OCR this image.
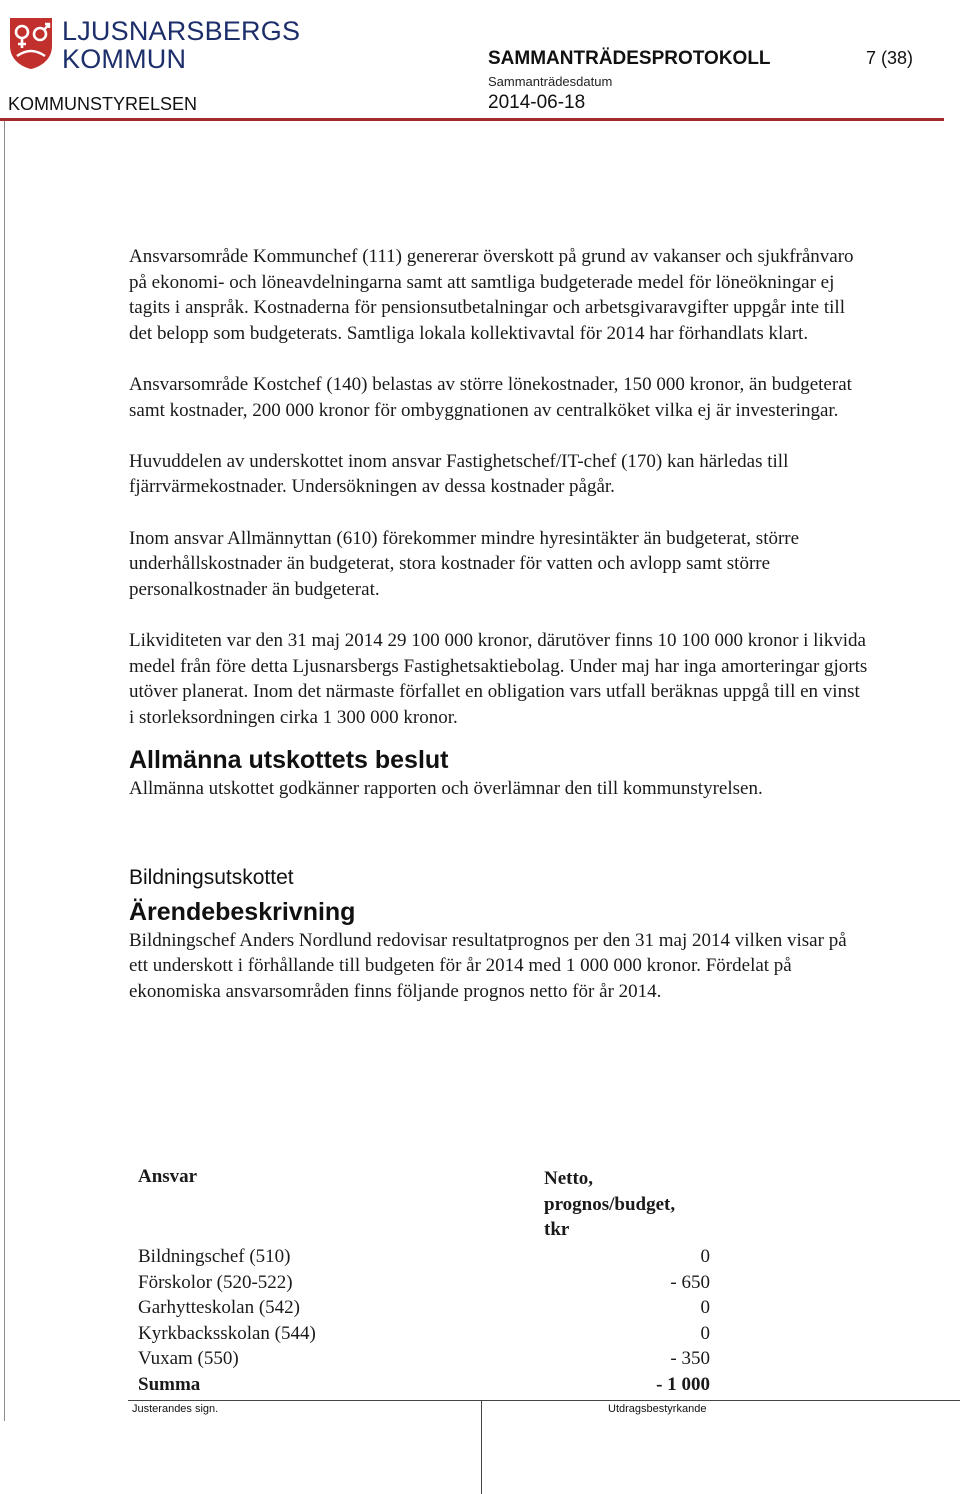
LJUSNARSBERGS
KOMMUN	SAMMANTRÄDESPROTOKOLL	7 (38)
Sammanträdesdatum
KOMMUNSTYRELSEN	2014-06-18

Ansvarsområde Kommunchef (111) genererar överskott på grund av vakanser och sjukfrånvaro på ekonomi- och löneavdelningarna samt att samtliga budgeterade medel för löneökningar ej tagits i anspråk. Kostnaderna för pensionsutbetalningar och arbetsgivaravgifter uppgår inte till det belopp som budgeterats. Samtliga lokala kollektivavtal för 2014 har förhandlats klart.

Ansvarsområde Kostchef (140) belastas av större lönekostnader, 150 000 kronor, än budgeterat samt kostnader, 200 000 kronor för ombyggnationen av centralköket vilka ej är investeringar.

Huvuddelen av underskottet inom ansvar Fastighetschef/IT-chef (170) kan härledas till fjärrvärmekostnader. Undersökningen av dessa kostnader pågår.

Inom ansvar Allmännyttan (610) förekommer mindre hyresintäkter än budgeterat, större underhållskostnader än budgeterat, stora kostnader för vatten och avlopp samt större personalkostnader än budgeterat.

Likviditeten var den 31 maj 2014 29 100 000 kronor, därutöver finns 10 100 000 kronor i likvida medel från före detta Ljusnarsbergs Fastighetsaktiebolag. Under maj har inga amorteringar gjorts utöver planerat. Inom det närmaste förfallet en obligation vars utfall beräknas uppgå till en vinst i storleksordningen cirka 1 300 000 kronor.

Allmänna utskottets beslut

Allmänna utskottet godkänner rapporten och överlämnar den till kommunstyrelsen.

Bildningsutskottet
Ärendebeskrivning

Bildningschef Anders Nordlund redovisar resultatprognos per den 31 maj 2014 vilken visar på ett underskott i förhållande till budgeten för år 2014 med 1 000 000 kronor. Fördelat på ekonomiska ansvarsområden finns följande prognos netto för år 2014.

Ansvar	Netto,
prognos/budget,
tkr
Bildningschef (510)	0
Förskolor (520-522)	- 650
Garhytteskolan (542)	0
Kyrkbacksskolan (544)	0
Vuxam (550)	- 350
Summa	- 1 000
Justerandes sign.	Utdragsbestyrkande
